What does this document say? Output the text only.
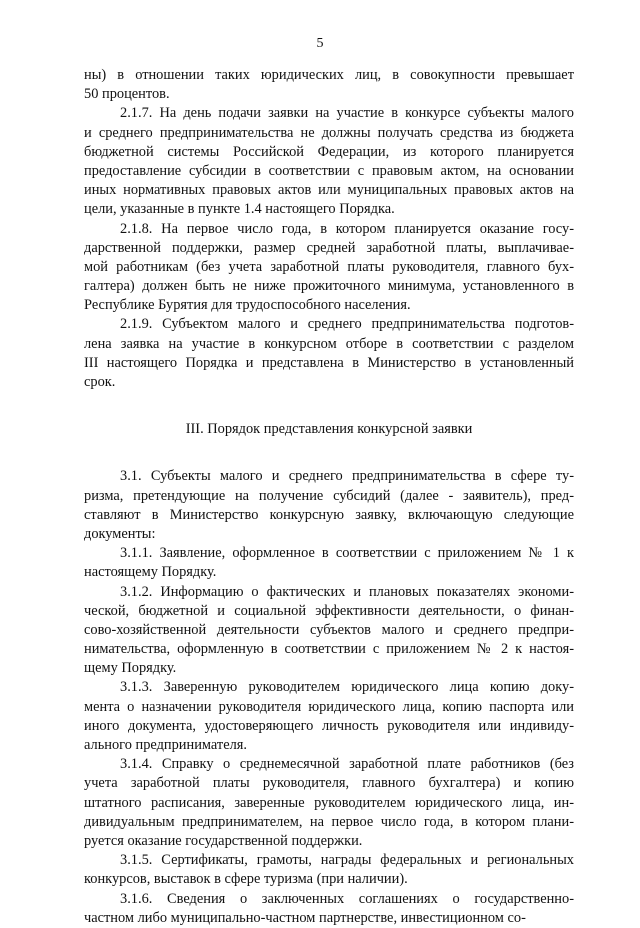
5
ны) в отношении таких юридических лиц, в совокупности превышает
50 процентов.
2.1.7. На день подачи заявки на участие в конкурсе субъекты малого
и среднего предпринимательства не должны получать средства из бюджета
бюджетной системы Российской Федерации, из которого планируется
предоставление субсидии в соответствии с правовым актом, на основании
иных нормативных правовых актов или муниципальных правовых актов на
цели, указанные в пункте 1.4 настоящего Порядка.
2.1.8. На первое число года, в котором планируется оказание госу-
дарственной поддержки, размер средней заработной платы, выплачивае-
мой работникам (без учета заработной платы руководителя, главного бух-
галтера) должен быть не ниже прожиточного минимума, установленного в
Республике Бурятия для трудоспособного населения.
2.1.9. Субъектом малого и среднего предпринимательства подготов-
лена заявка на участие в конкурсном отборе в соответствии с разделом
III настоящего Порядка и представлена в Министерство в установленный
срок.
III. Порядок представления конкурсной заявки
3.1. Субъекты малого и среднего предпринимательства в сфере ту-
ризма, претендующие на получение субсидий (далее - заявитель), пред-
ставляют в Министерство конкурсную заявку, включающую следующие
документы:
3.1.1. Заявление, оформленное в соответствии с приложением № 1 к
настоящему Порядку.
3.1.2. Информацию о фактических и плановых показателях экономи-
ческой, бюджетной и социальной эффективности деятельности, о финан-
сово-хозяйственной деятельности субъектов малого и среднего предпри-
нимательства, оформленную в соответствии с приложением № 2 к настоя-
щему Порядку.
3.1.3. Заверенную руководителем юридического лица копию доку-
мента о назначении руководителя юридического лица, копию паспорта или
иного документа, удостоверяющего личность руководителя или индивиду-
ального предпринимателя.
3.1.4. Справку о среднемесячной заработной плате работников (без
учета заработной платы руководителя, главного бухгалтера) и копию
штатного расписания, заверенные руководителем юридического лица, ин-
дивидуальным предпринимателем, на первое число года, в котором плани-
руется оказание государственной поддержки.
3.1.5. Сертификаты, грамоты, награды федеральных и региональных
конкурсов, выставок в сфере туризма (при наличии).
3.1.6. Сведения о заключенных соглашениях о государственно-
частном либо муниципально-частном партнерстве, инвестиционном со-
